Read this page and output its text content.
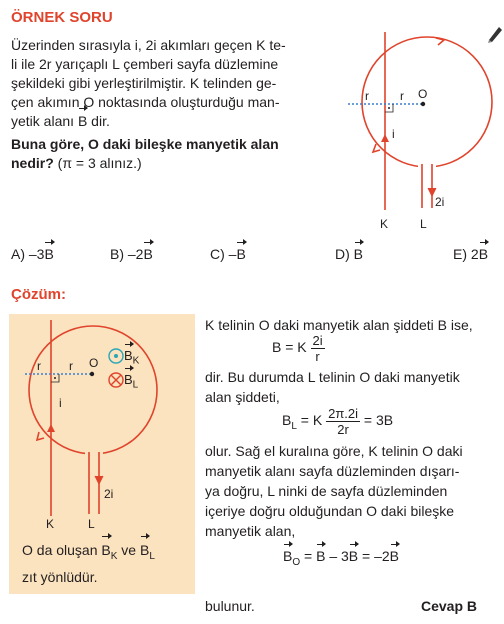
ÖRNEK SORU
Üzerinden sırasıyla i, 2i akımları geçen K te-
li ile 2r yarıçaplı L çemberi sayfa düzlemine
şekildeki gibi yerleştirilmiştir. K telinden ge-
çen akımın O noktasında oluşturduğu man-
yetik alanı B dir.
Buna göre, O daki bileşke manyetik alan
nedir? (π = 3 alınız.)
r	r O
i
2i
K	L
A) –3B	B) –2B	C) –B	D) B	E) 2B
Çözüm:
r r O
i
2i
K	L
$B_K$
$B_L$
O da oluşan $B_K$ ve $B_L$
zıt yönlüdür.
K telinin O daki manyetik alan şiddeti B ise,
B = K $\frac{2i}{r}$
dir. Bu durumda L telinin O daki manyetik
alan şiddeti,
$B_L = K \frac{2\pi.2i}{2r} = 3B$
olur. Sağ el kuralına göre, K telinin O daki
manyetik alanı sayfa düzleminden dışarı-
ya doğru, L ninki de sayfa düzleminden
içeriye doğru olduğundan O daki bileşke
manyetik alan,
$B_O = B - 3B = -2B$
bulunur.	Cevap B
